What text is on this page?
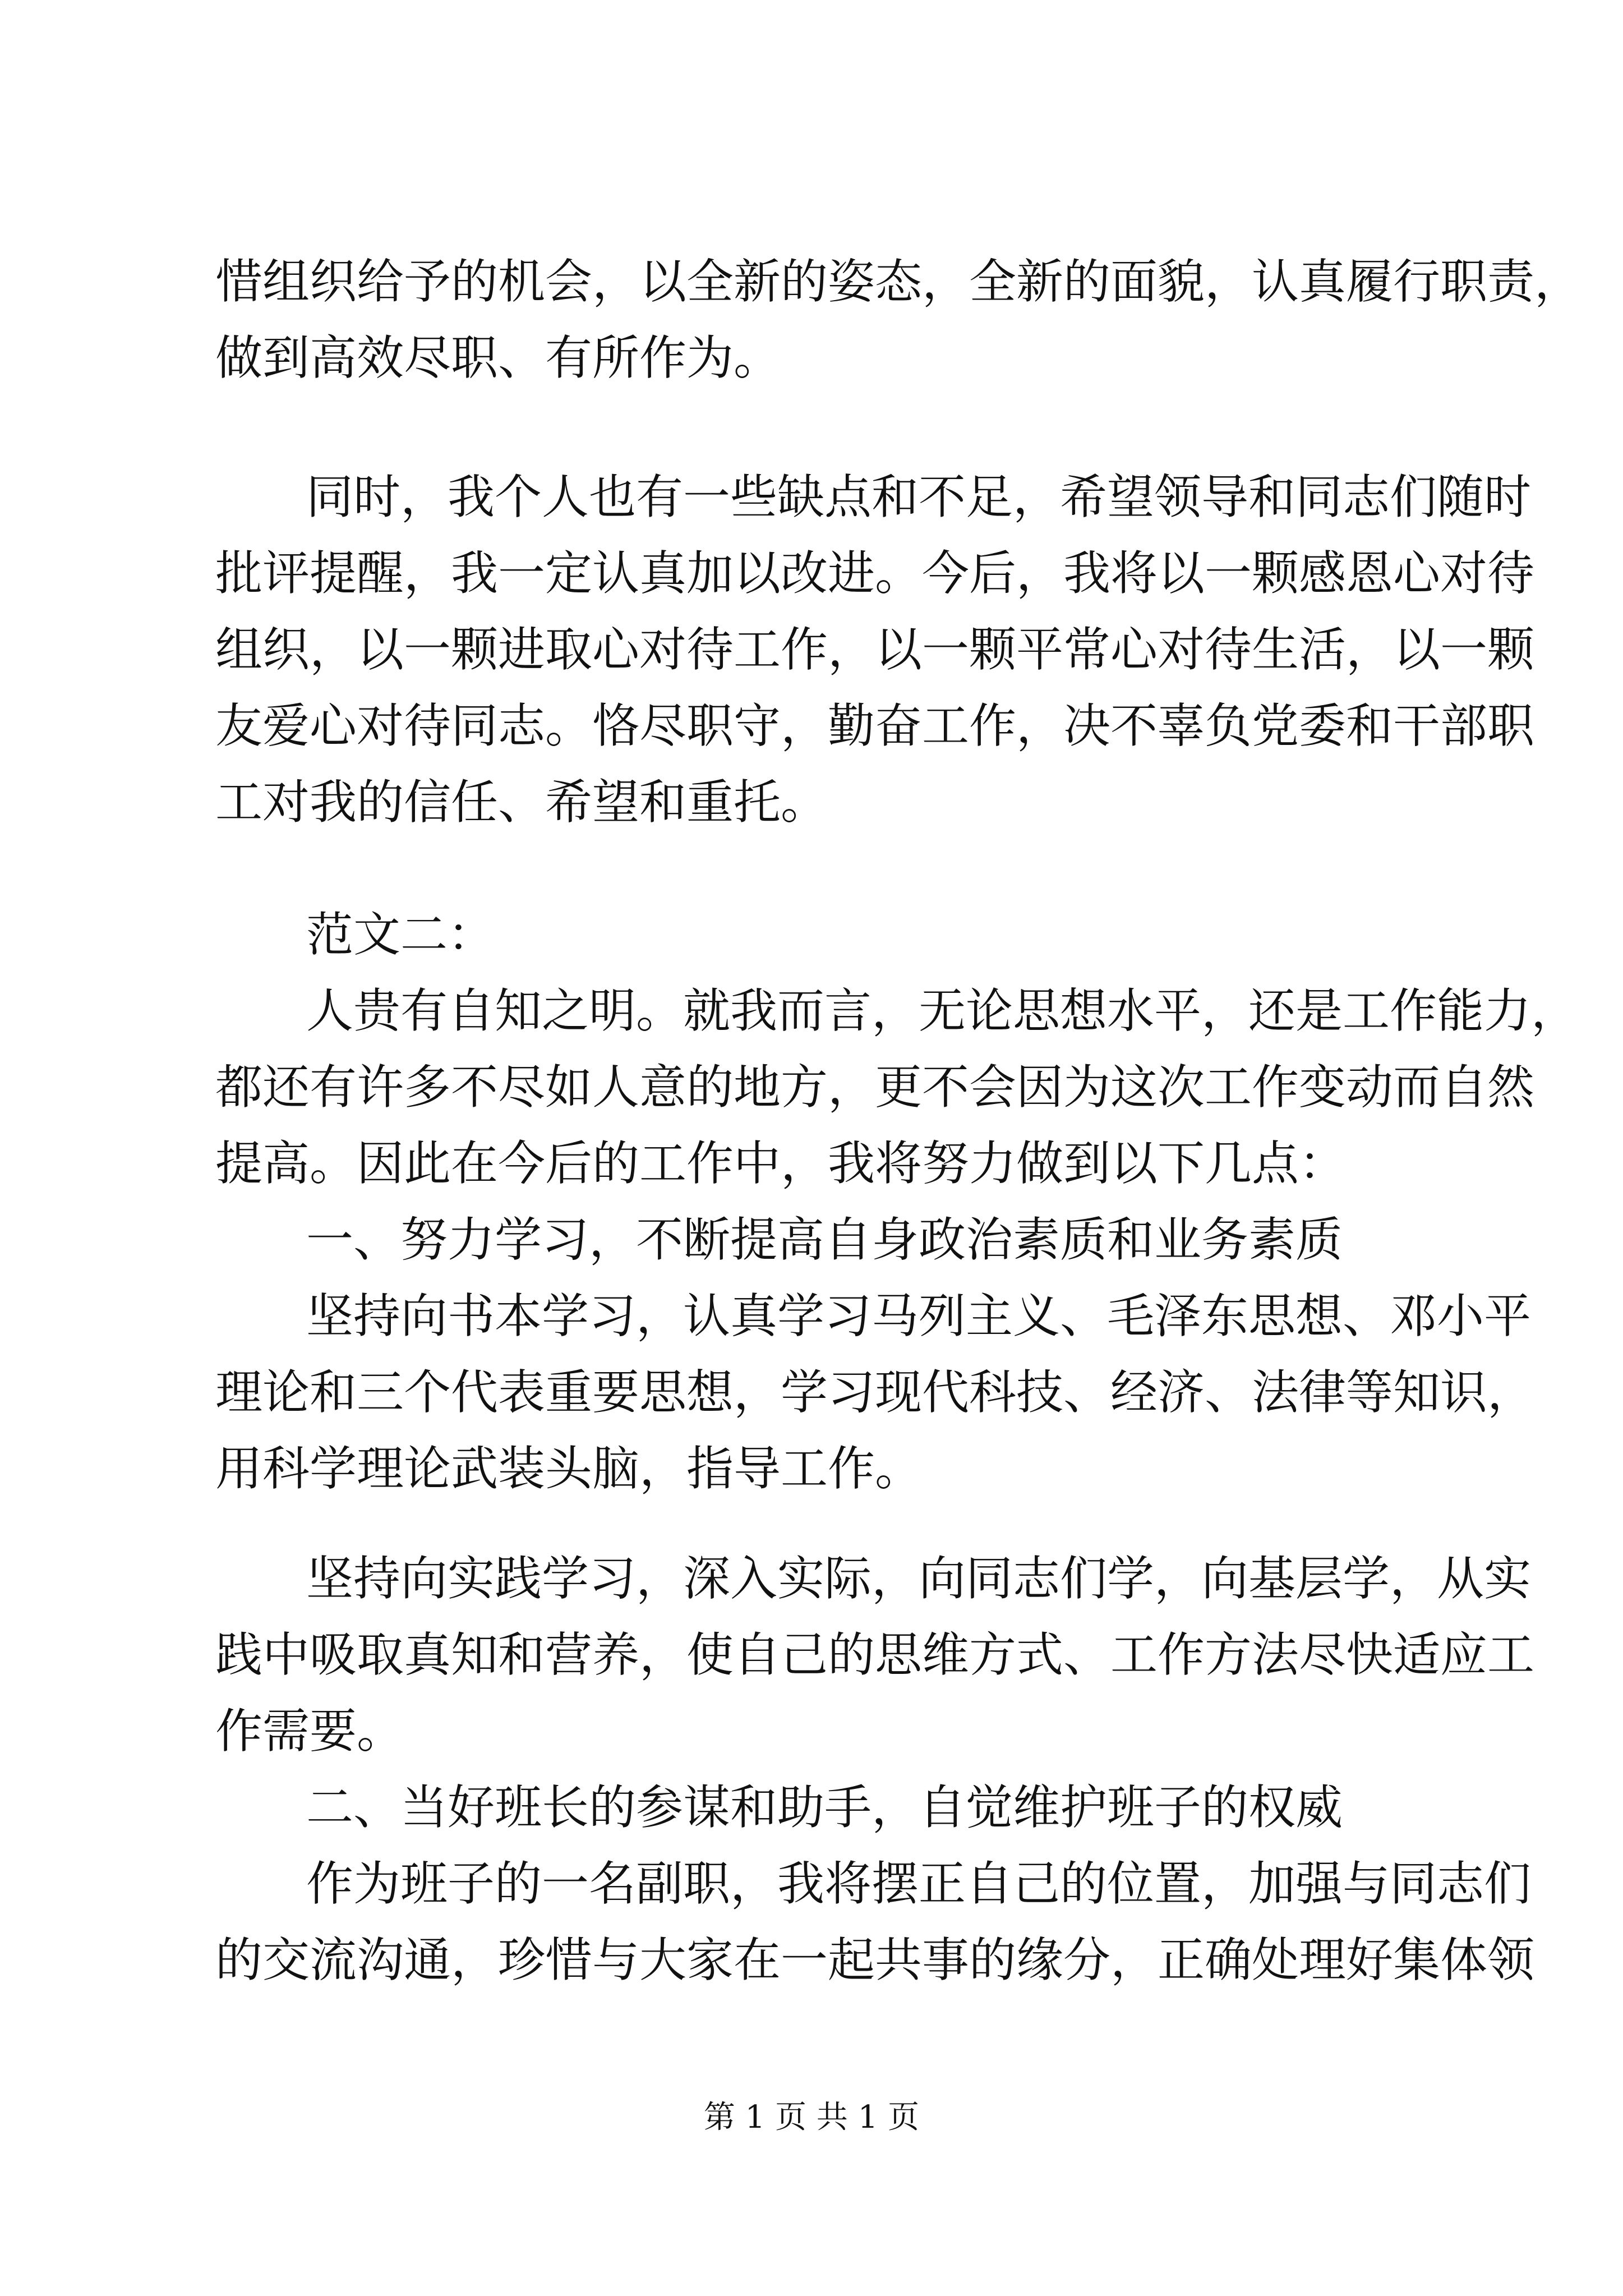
惜组织给予的机会，以全新的姿态，全新的面貌，认真履行职责，
做到高效尽职、有所作为。
同时，我个人也有一些缺点和不足，希望领导和同志们随时
批评提醒，我一定认真加以改进。今后，我将以一颗感恩心对待
组织，以一颗进取心对待工作，以一颗平常心对待生活，以一颗
友爱心对待同志。恪尽职守，勤奋工作，决不辜负党委和干部职
工对我的信任、希望和重托。
范文二：
人贵有自知之明。就我而言，无论思想水平，还是工作能力，
都还有许多不尽如人意的地方，更不会因为这次工作变动而自然
提高。因此在今后的工作中，我将努力做到以下几点：
一、努力学习，不断提高自身政治素质和业务素质
坚持向书本学习，认真学习马列主义、毛泽东思想、邓小平
理论和三个代表重要思想，学习现代科技、经济、法律等知识，
用科学理论武装头脑，指导工作。
坚持向实践学习，深入实际，向同志们学，向基层学，从实
践中吸取真知和营养，使自己的思维方式、工作方法尽快适应工
作需要。
二、当好班长的参谋和助手，自觉维护班子的权威
作为班子的一名副职，我将摆正自己的位置，加强与同志们
的交流沟通，珍惜与大家在一起共事的缘分，正确处理好集体领
第 1 页 共 1 页
